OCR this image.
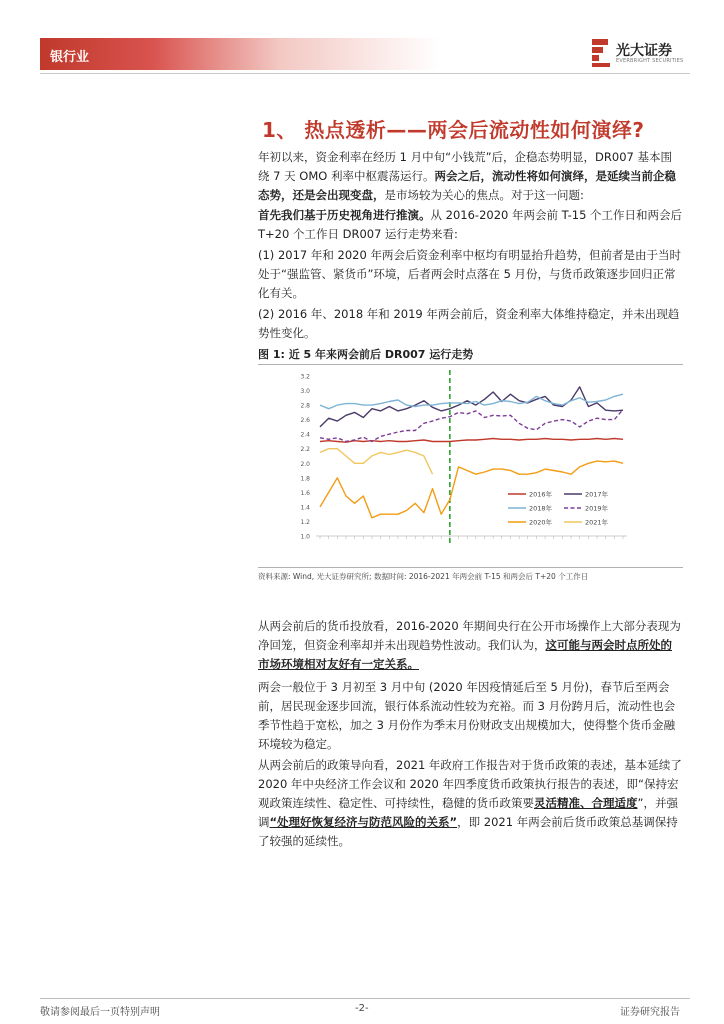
银行业	光大证券
EVERBRIGHT SECURITIES
1、 热点透析——两会后流动性如何演绎?
年初以来，资金利率在经历 1 月中旬“小钱荒”后，企稳态势明显，DR007 基本围绕 7 天 OMO 利率中枢震荡运行。两会之后，流动性将如何演绎，是延续当前企稳态势，还是会出现变盘，是市场较为关心的焦点。对于这一问题:
首先我们基于历史视角进行推演。从 2016-2020 年两会前 T-15 个工作日和两会后 T+20 个工作日 DR007 运行走势来看:
(1) 2017 年和 2020 年两会后资金利率中枢均有明显抬升趋势，但前者是由于当时处于“强监管、紧货币”环境，后者两会时点落在 5 月份，与货币政策逐步回归正常化有关。
(2) 2016 年、2018 年和 2019 年两会前后，资金利率大体维持稳定，并未出现趋势性变化。
图 1: 近 5 年来两会前后 DR007 运行走势
1.0
1.2
1.4
1.6
1.8
2.0
2.2
2.4
2.6
2.8
3.0
3.2
2016年	2017年
2018年	2019年
2020年	2021年
资料来源: Wind, 光大证券研究所; 数据时间: 2016-2021 年两会前 T-15 和两会后 T+20 个工作日
从两会前后的货币投放看，2016-2020 年期间央行在公开市场操作上大部分表现为净回笼，但资金利率却并未出现趋势性波动。我们认为，这可能与两会时点所处的市场环境相对友好有一定关系。
两会一般位于 3 月初至 3 月中旬 (2020 年因疫情延后至 5 月份)，春节后至两会前，居民现金逐步回流，银行体系流动性较为充裕。而 3 月份跨月后，流动性也会季节性趋于宽松，加之 3 月份作为季末月份财政支出规模加大，使得整个货币金融环境较为稳定。
从两会前后的政策导向看，2021 年政府工作报告对于货币政策的表述，基本延续了 2020 年中央经济工作会议和 2020 年四季度货币政策执行报告的表述，即“保持宏观政策连续性、稳定性、可持续性，稳健的货币政策要灵活精准、合理适度”，并强调“处理好恢复经济与防范风险的关系”，即 2021 年两会前后货币政策总基调保持了较强的延续性。
敬请参阅最后一页特别声明	-2-	证券研究报告
